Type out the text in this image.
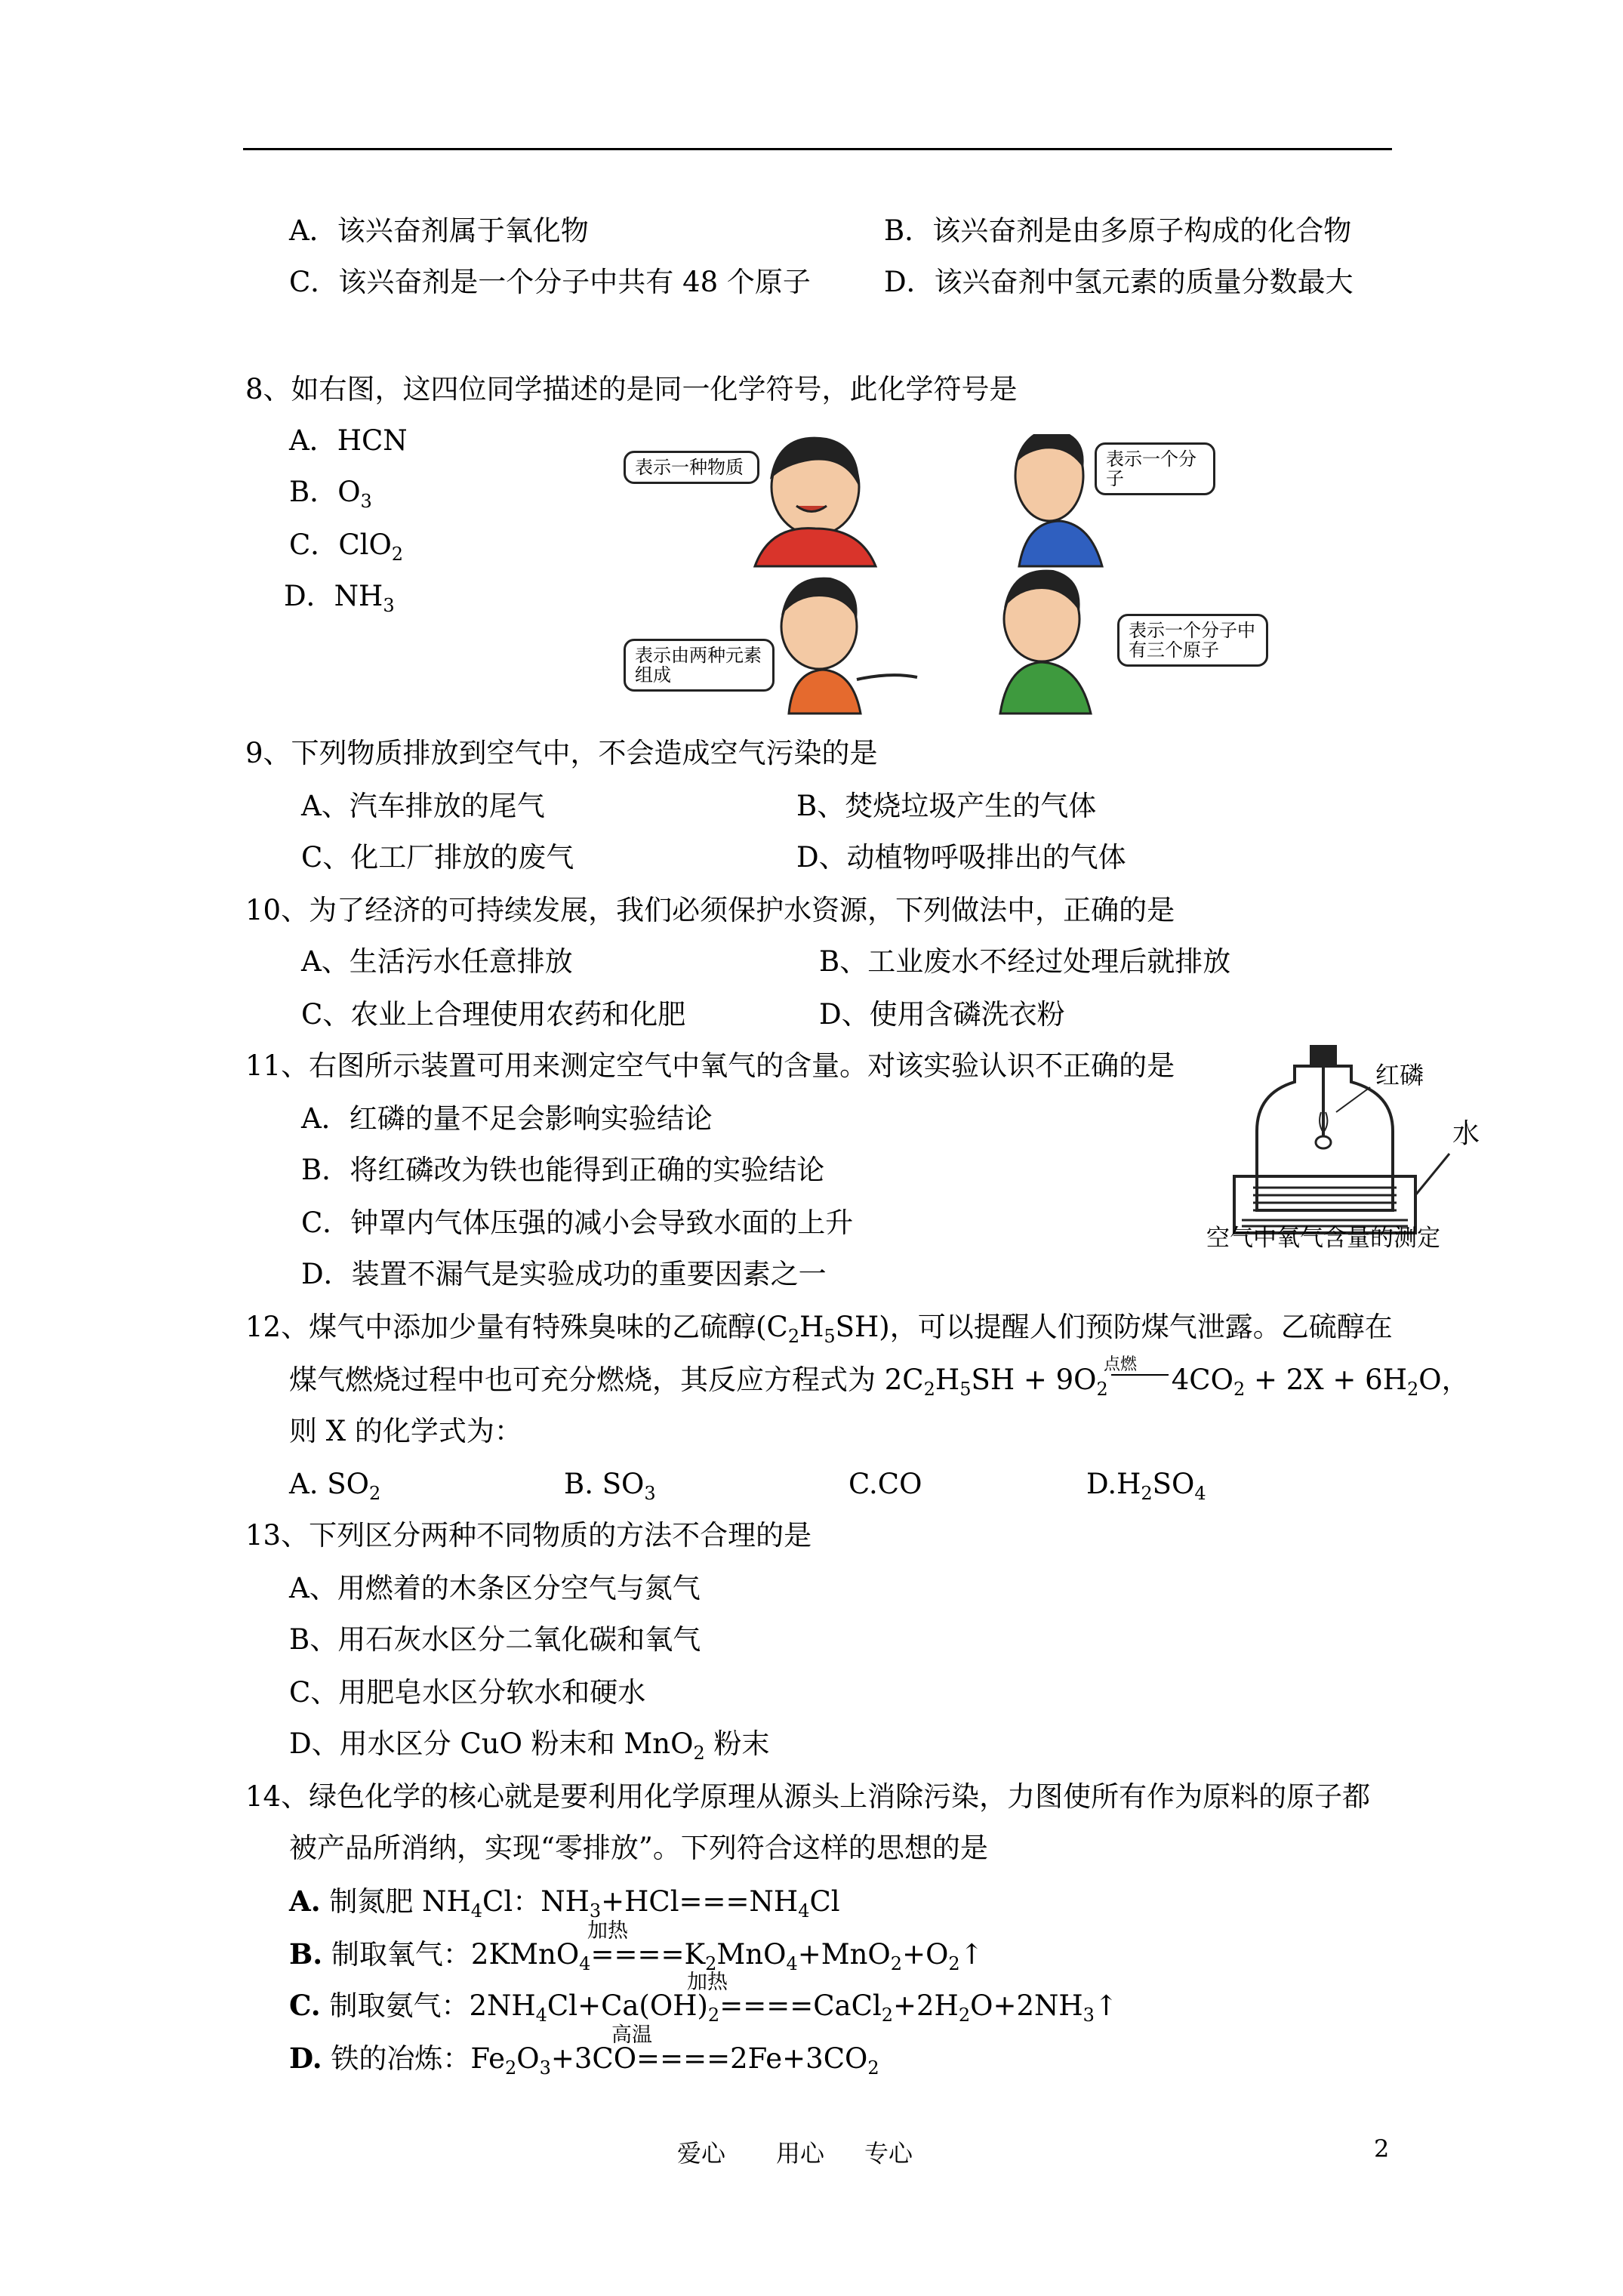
A．该兴奋剂属于氧化物	B．该兴奋剂是由多原子构成的化合物
C．该兴奋剂是一个分子中共有 48 个原子	D．该兴奋剂中氢元素的质量分数最大
8、如右图，这四位同学描述的是同一化学符号，此化学符号是
A．HCN
B．$O_3$
C．ClO$_2$
D．$NH_3$
表示一种物质	表示一个分子
表示由两种元素组成
表示一个分子中有三个原子
9、下列物质排放到空气中，不会造成空气污染的是
A、汽车排放的尾气	B、焚烧垃圾产生的气体
C、化工厂排放的废气	D、动植物呼吸排出的气体
10、为了经济的可持续发展，我们必须保护水资源，下列做法中，正确的是
A、生活污水任意排放	B、工业废水不经过处理后就排放
C、农业上合理使用农药和化肥	D、使用含磷洗衣粉
11、右图所示装置可用来测定空气中氧气的含量。对该实验认识不正确的是
A．红磷的量不足会影响实验结论
B．将红磷改为铁也能得到正确的实验结论
C．钟罩内气体压强的减小会导致水面的上升
D．装置不漏气是实验成功的重要因素之一
红磷
水
空气中氧气含量的测定
12、煤气中添加少量有特殊臭味的乙硫醇$(C_2H_5SH)$，可以提醒人们预防煤气泄露。乙硫醇在
点燃
煤气燃烧过程中也可充分燃烧，其反应方程式为 $2C_2H_5SH + 9O_2$ $4CO_2 + 2X + 6H_2O$，
则 X 的化学式为：
A. $SO_2$	B. $SO_3$	C.CO	$D.H_2SO_4$
13、下列区分两种不同物质的方法不合理的是
A、用燃着的木条区分空气与氮气
B、用石灰水区分二氧化碳和氧气
C、用肥皂水区分软水和硬水
D、用水区分 CuO 粉末和 MnO$_2$ 粉末
14、绿色化学的核心就是要利用化学原理从源头上消除污染，力图使所有作为原料的原子都
被产品所消纳，实现“零排放”。下列符合这样的思想的是
A. 制氮肥 $NH_4Cl$：$NH_3+HCl===NH_4Cl$
加热
B. 制取氧气：$2KMnO_4====K_2MnO_4+MnO_2+O_2↑$
加热
C. 制取氨气：$2NH_4Cl+Ca(OH)_2====CaCl_2+2H_2O+2NH_3↑$
高温
D. 铁的冶炼：$Fe_2O_3+3CO====2Fe+3CO_2$
爱心 用心 专心	2
